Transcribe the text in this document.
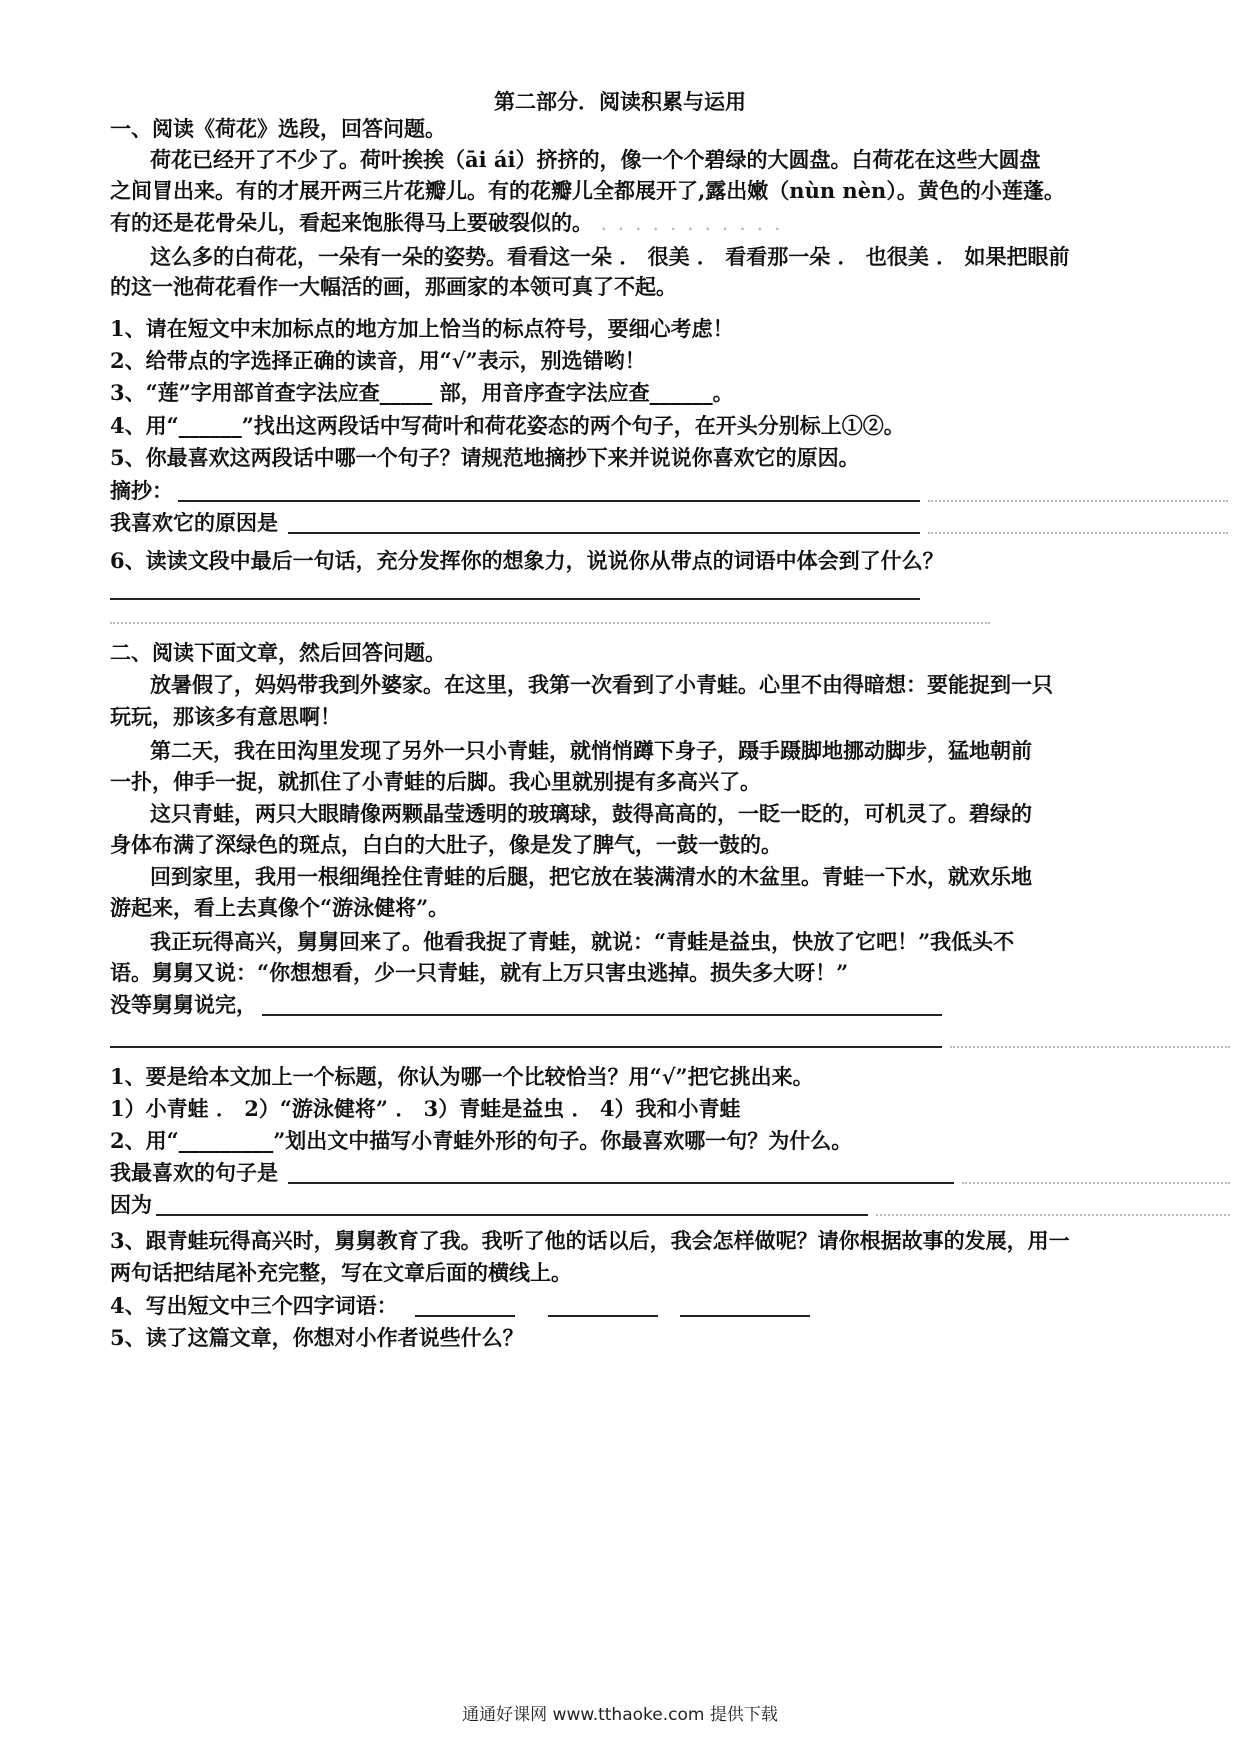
第二部分．阅读积累与运用
一、阅读《荷花》选段，回答问题。
荷花已经开了不少了。荷叶挨挨（āi ái）挤挤的，像一个个碧绿的大圆盘。白荷花在这些大圆盘
之间冒出来。有的才展开两三片花瓣儿。有的花瓣儿全都展开了,露出嫩（nùn nèn）。黄色的小莲蓬。
有的还是花骨朵儿，看起来饱胀得马上要破裂似的。 . . . . . . . . . . .
这么多的白荷花，一朵有一朵的姿势。看看这一朵 ． 很美 ． 看看那一朵 ． 也很美 ． 如果把眼前
的这一池荷花看作一大幅活的画，那画家的本领可真了不起。
1、请在短文中末加标点的地方加上恰当的标点符号，要细心考虑！
2、给带点的字选择正确的读音，用“√”表示，别选错哟！
3、“莲”字用部首查字法应查_____ 部，用音序查字法应查______。
4、用“______”找出这两段话中写荷叶和荷花姿态的两个句子，在开头分别标上①②。
5、你最喜欢这两段话中哪一个句子？请规范地摘抄下来并说说你喜欢它的原因。
摘抄：
我喜欢它的原因是
6、读读文段中最后一句话，充分发挥你的想象力，说说你从带点的词语中体会到了什么？
二、阅读下面文章，然后回答问题。
放暑假了，妈妈带我到外婆家。在这里，我第一次看到了小青蛙。心里不由得暗想：要能捉到一只
玩玩，那该多有意思啊！
第二天，我在田沟里发现了另外一只小青蛙，就悄悄蹲下身子，蹑手蹑脚地挪动脚步，猛地朝前
一扑，伸手一捉，就抓住了小青蛙的后脚。我心里就别提有多高兴了。
这只青蛙，两只大眼睛像两颗晶莹透明的玻璃球，鼓得高高的，一眨一眨的，可机灵了。碧绿的
身体布满了深绿色的斑点，白白的大肚子，像是发了脾气，一鼓一鼓的。
回到家里，我用一根细绳拴住青蛙的后腿，把它放在装满清水的木盆里。青蛙一下水，就欢乐地
游起来，看上去真像个“游泳健将”。
我正玩得高兴，舅舅回来了。他看我捉了青蛙，就说：“青蛙是益虫，快放了它吧！”我低头不
语。舅舅又说：“你想想看，少一只青蛙，就有上万只害虫逃掉。损失多大呀！”
没等舅舅说完，
1、要是给本文加上一个标题，你认为哪一个比较恰当？用“√”把它挑出来。
1）小青蛙 ． 2）“游泳健将” ． 3）青蛙是益虫 ． 4）我和小青蛙
2、用“_________”划出文中描写小青蛙外形的句子。你最喜欢哪一句？为什么。
我最喜欢的句子是
因为
3、跟青蛙玩得高兴时，舅舅教育了我。我听了他的话以后，我会怎样做呢？请你根据故事的发展，用一
两句话把结尾补充完整，写在文章后面的横线上。
4、写出短文中三个四字词语：
5、读了这篇文章，你想对小作者说些什么？
通通好课网 www.tthaoke.com 提供下载
